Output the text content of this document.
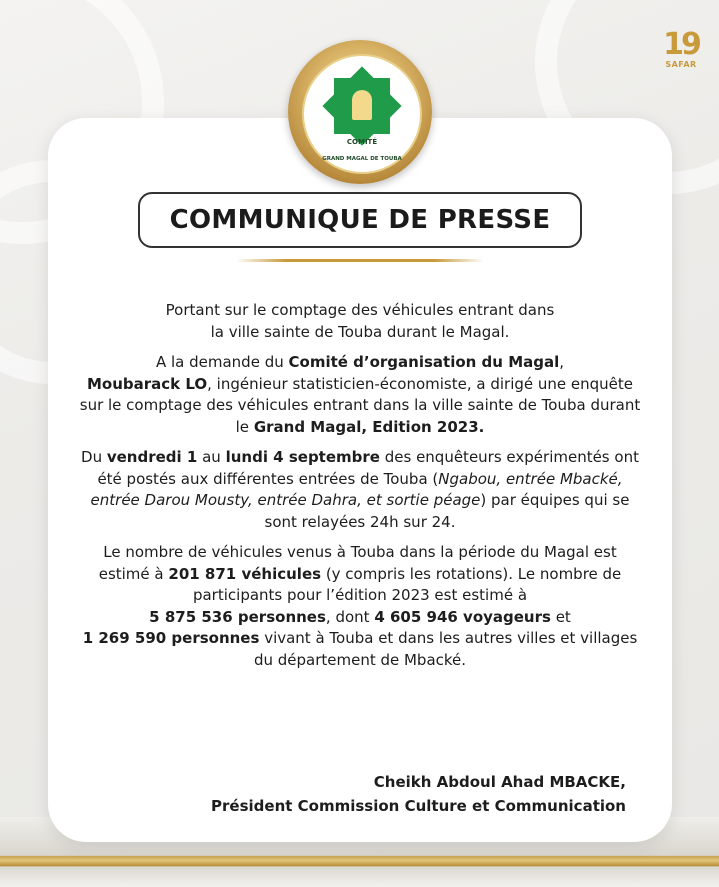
19
SAFAR
COMMUNIQUE DE PRESSE

Portant sur le comptage des véhicules entrant dans
la ville sainte de Touba durant le Magal.

A la demande du Comité d’organisation du Magal,
Moubarack LO, ingénieur statisticien-économiste, a dirigé une enquête sur le comptage des véhicules entrant dans la ville sainte de Touba durant le Grand Magal, Edition 2023.

Du vendredi 1 au lundi 4 septembre des enquêteurs expérimentés ont été postés aux différentes entrées de Touba (Ngabou, entrée Mbacké, entrée Darou Mousty, entrée Dahra, et sortie péage) par équipes qui se sont relayées 24h sur 24.

Le nombre de véhicules venus à Touba dans la période du Magal est estimé à 201 871 véhicules (y compris les rotations). Le nombre de participants pour l’édition 2023 est estimé à
5 875 536 personnes, dont 4 605 946 voyageurs et
1 269 590 personnes vivant à Touba et dans les autres villes et villages du département de Mbacké.

Cheikh Abdoul Ahad MBACKE,
Président Commission Culture et Communication
COMITÉ
GRAND MAGAL DE TOUBA
